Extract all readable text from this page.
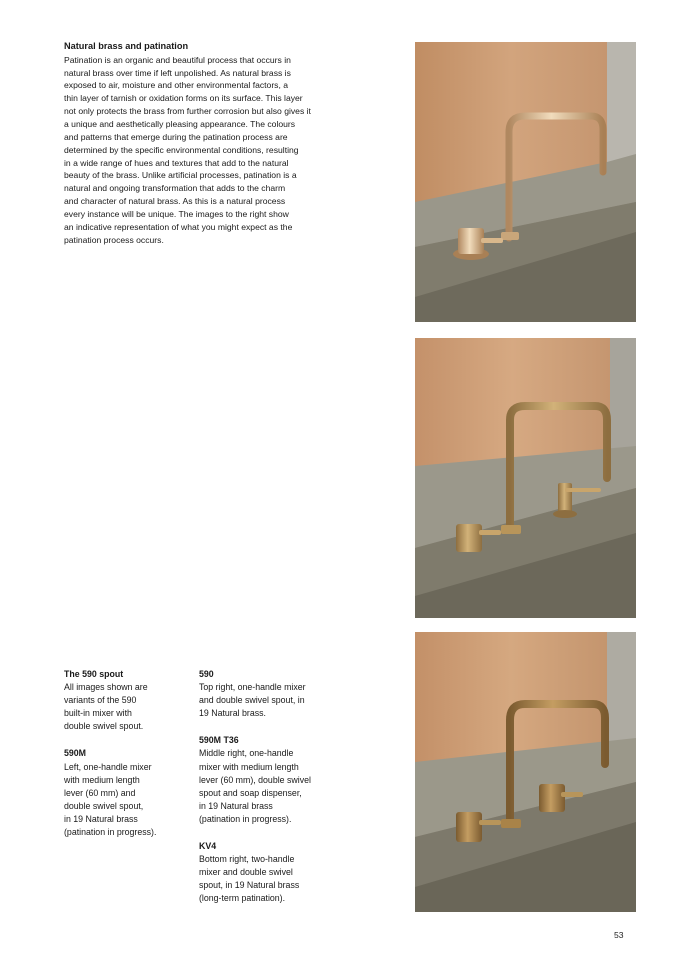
Natural brass and patination

Patination is an organic and beautiful process that occurs in
natural brass over time if left unpolished. As natural brass is
exposed to air, moisture and other environmental factors, a
thin layer of tarnish or oxidation forms on its surface. This layer
not only protects the brass from further corrosion but also gives it
a unique and aesthetically pleasing appearance. The colours
and patterns that emerge during the patination process are
determined by the specific environmental conditions, resulting
in a wide range of hues and textures that add to the natural
beauty of the brass. Unlike artificial processes, patination is a
natural and ongoing transformation that adds to the charm
and character of natural brass. As this is a natural process
every instance will be unique. The images to the right show
an indicative representation of what you might expect as the
patination process occurs.

The 590 spout

All images shown are
variants of the 590
built-in mixer with
double swivel spout.

590M

Left, one-handle mixer
with medium length
lever (60 mm) and
double swivel spout,
in 19 Natural brass
(patination in progress).

590

Top right, one-handle mixer
and double swivel spout, in
19 Natural brass.

590M T36

Middle right, one-handle
mixer with medium length
lever (60 mm), double swivel
spout and soap dispenser,
in 19 Natural brass
(patination in progress).

KV4

Bottom right, two-handle
mixer and double swivel
spout, in 19 Natural brass
(long-term patination).

53
